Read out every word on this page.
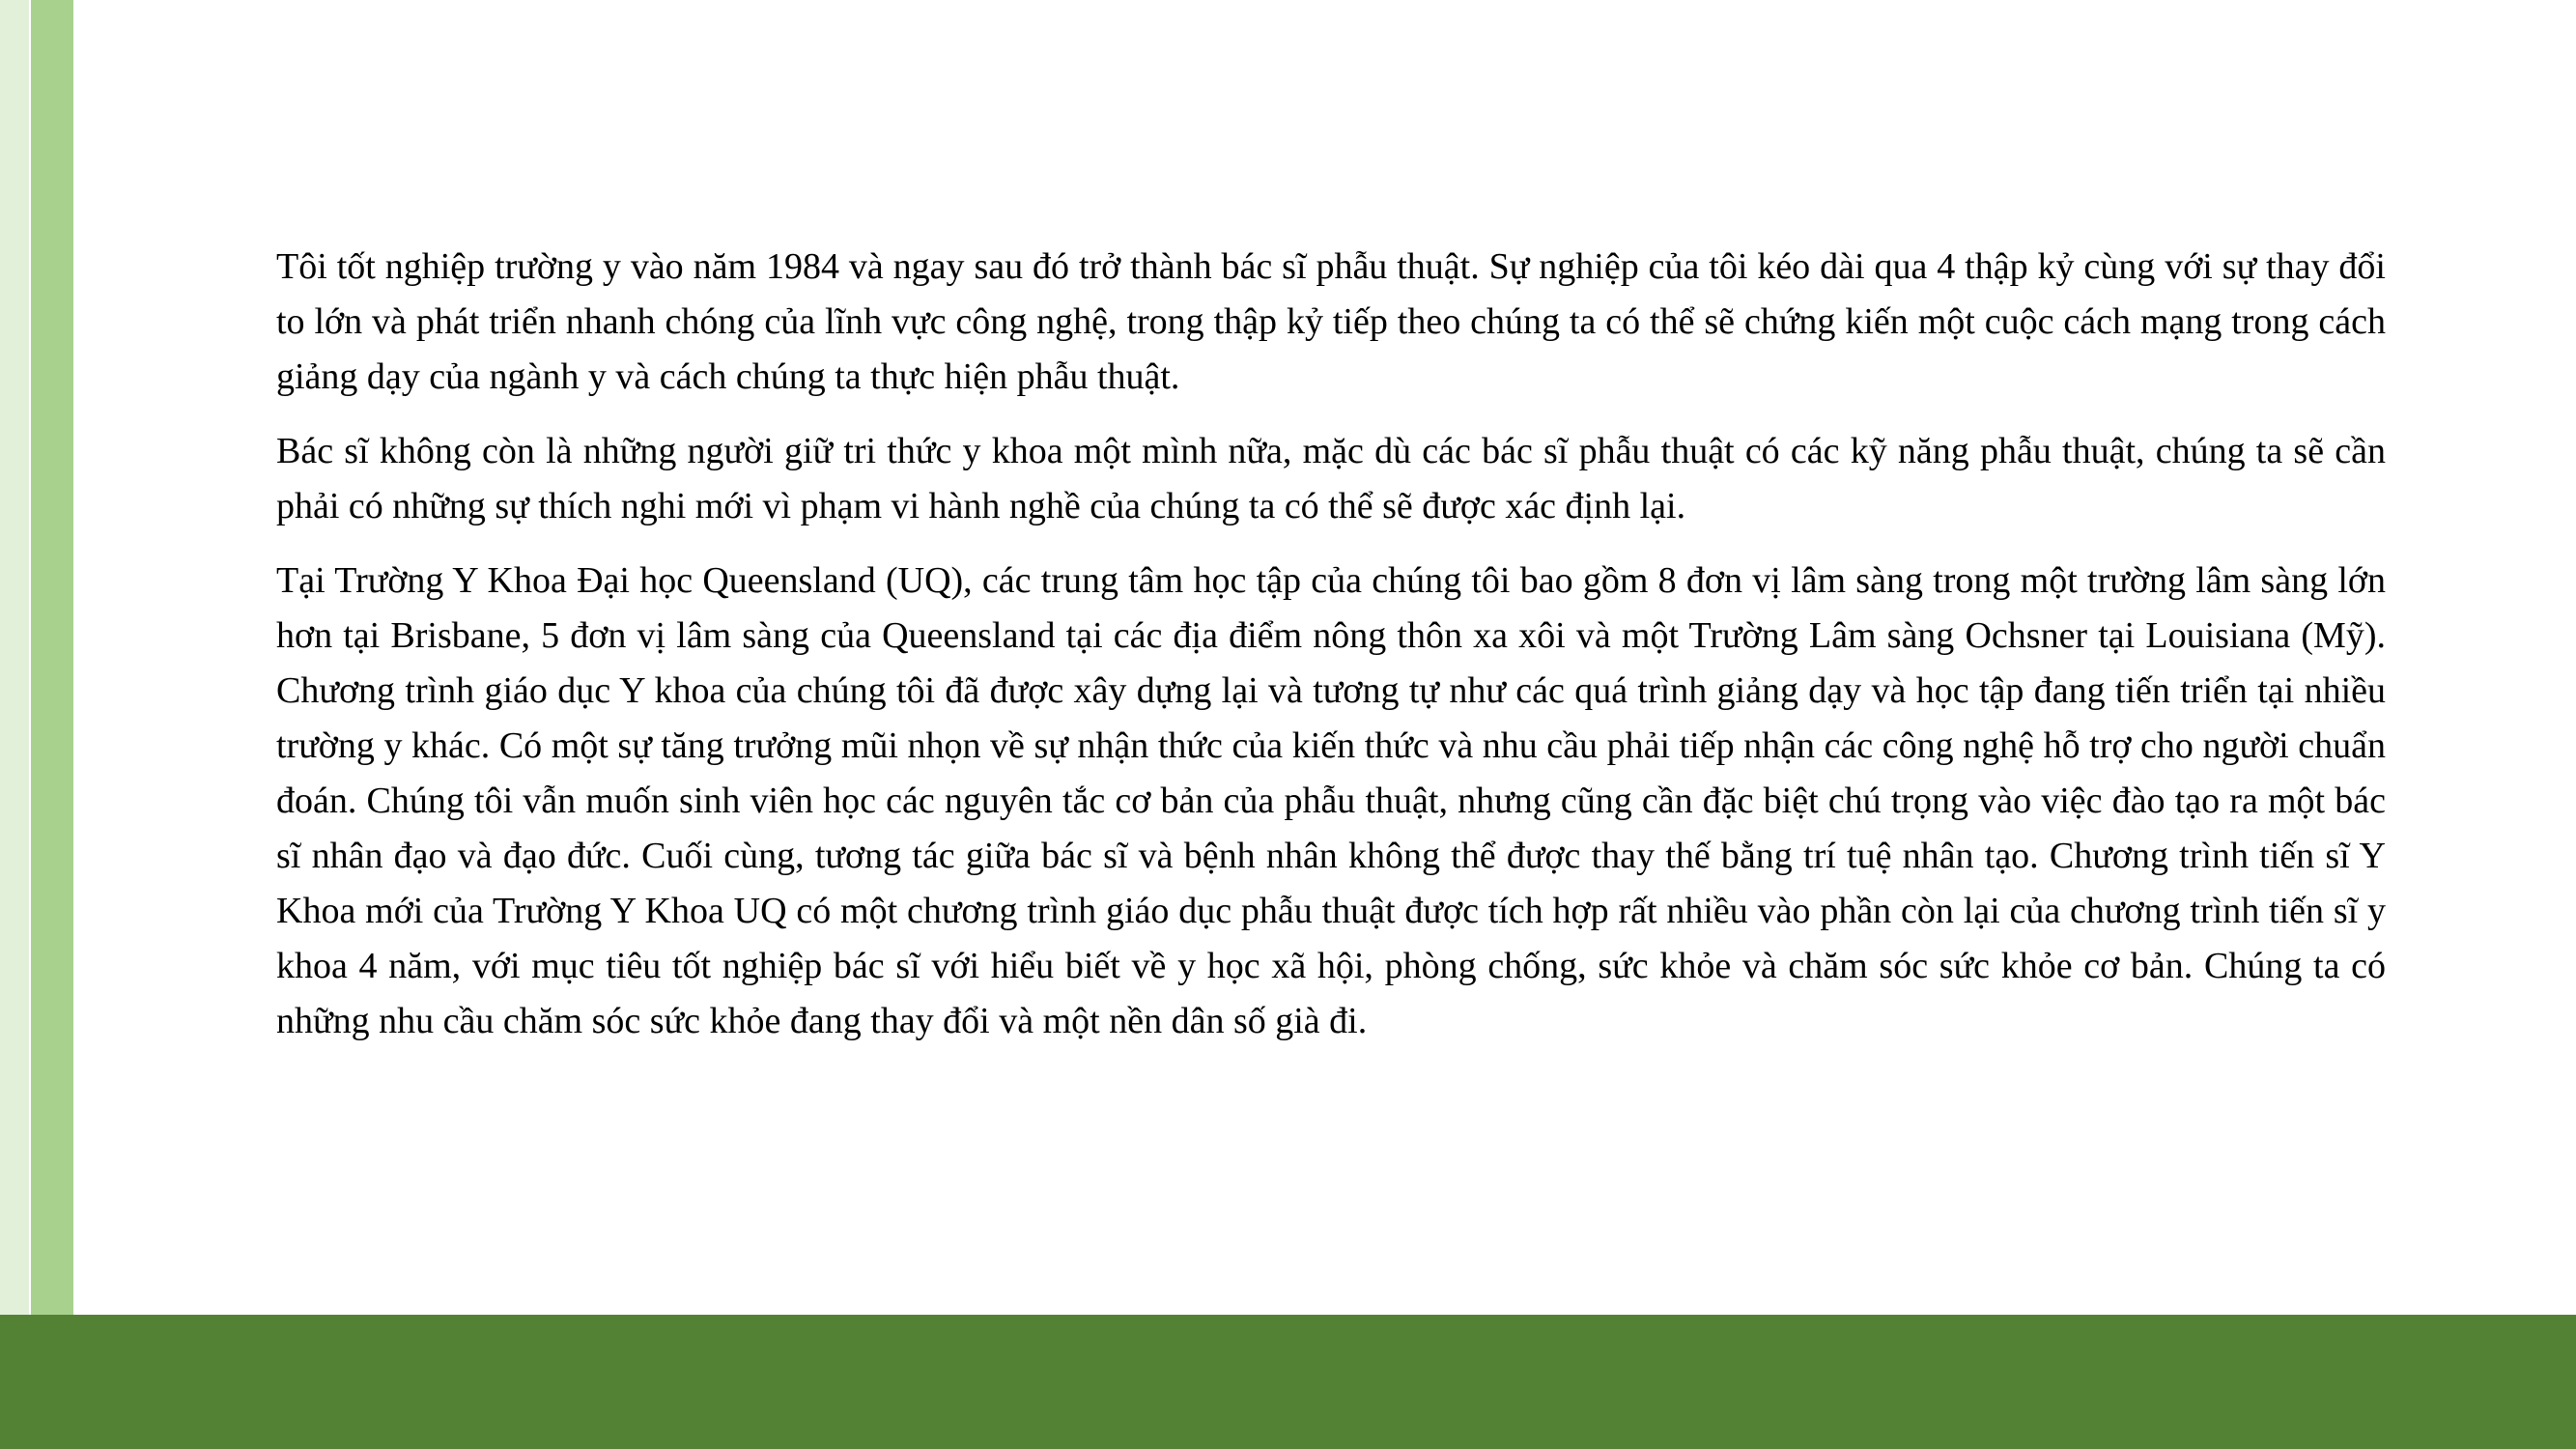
Tôi tốt nghiệp trường y vào năm 1984 và ngay sau đó trở thành bác sĩ phẫu thuật. Sự nghiệp của tôi kéo dài qua 4 thập kỷ cùng với sự thay đổi to lớn và phát triển nhanh chóng của lĩnh vực công nghệ, trong thập kỷ tiếp theo chúng ta có thể sẽ chứng kiến một cuộc cách mạng trong cách giảng dạy của ngành y và cách chúng ta thực hiện phẫu thuật.

Bác sĩ không còn là những người giữ tri thức y khoa một mình nữa, mặc dù các bác sĩ phẫu thuật có các kỹ năng phẫu thuật, chúng ta sẽ cần phải có những sự thích nghi mới vì phạm vi hành nghề của chúng ta có thể sẽ được xác định lại.

Tại Trường Y Khoa Đại học Queensland (UQ), các trung tâm học tập của chúng tôi bao gồm 8 đơn vị lâm sàng trong một trường lâm sàng lớn hơn tại Brisbane, 5 đơn vị lâm sàng của Queensland tại các địa điểm nông thôn xa xôi và một Trường Lâm sàng Ochsner tại Louisiana (Mỹ). Chương trình giáo dục Y khoa của chúng tôi đã được xây dựng lại và tương tự như các quá trình giảng dạy và học tập đang tiến triển tại nhiều trường y khác. Có một sự tăng trưởng mũi nhọn về sự nhận thức của kiến thức và nhu cầu phải tiếp nhận các công nghệ hỗ trợ cho người chuẩn đoán. Chúng tôi vẫn muốn sinh viên học các nguyên tắc cơ bản của phẫu thuật, nhưng cũng cần đặc biệt chú trọng vào việc đào tạo ra một bác sĩ nhân đạo và đạo đức. Cuối cùng, tương tác giữa bác sĩ và bệnh nhân không thể được thay thế bằng trí tuệ nhân tạo. Chương trình tiến sĩ Y Khoa mới của Trường Y Khoa UQ có một chương trình giáo dục phẫu thuật được tích hợp rất nhiều vào phần còn lại của chương trình tiến sĩ y khoa 4 năm, với mục tiêu tốt nghiệp bác sĩ với hiểu biết về y học xã hội, phòng chống, sức khỏe và chăm sóc sức khỏe cơ bản. Chúng ta có những nhu cầu chăm sóc sức khỏe đang thay đổi và một nền dân số già đi.
